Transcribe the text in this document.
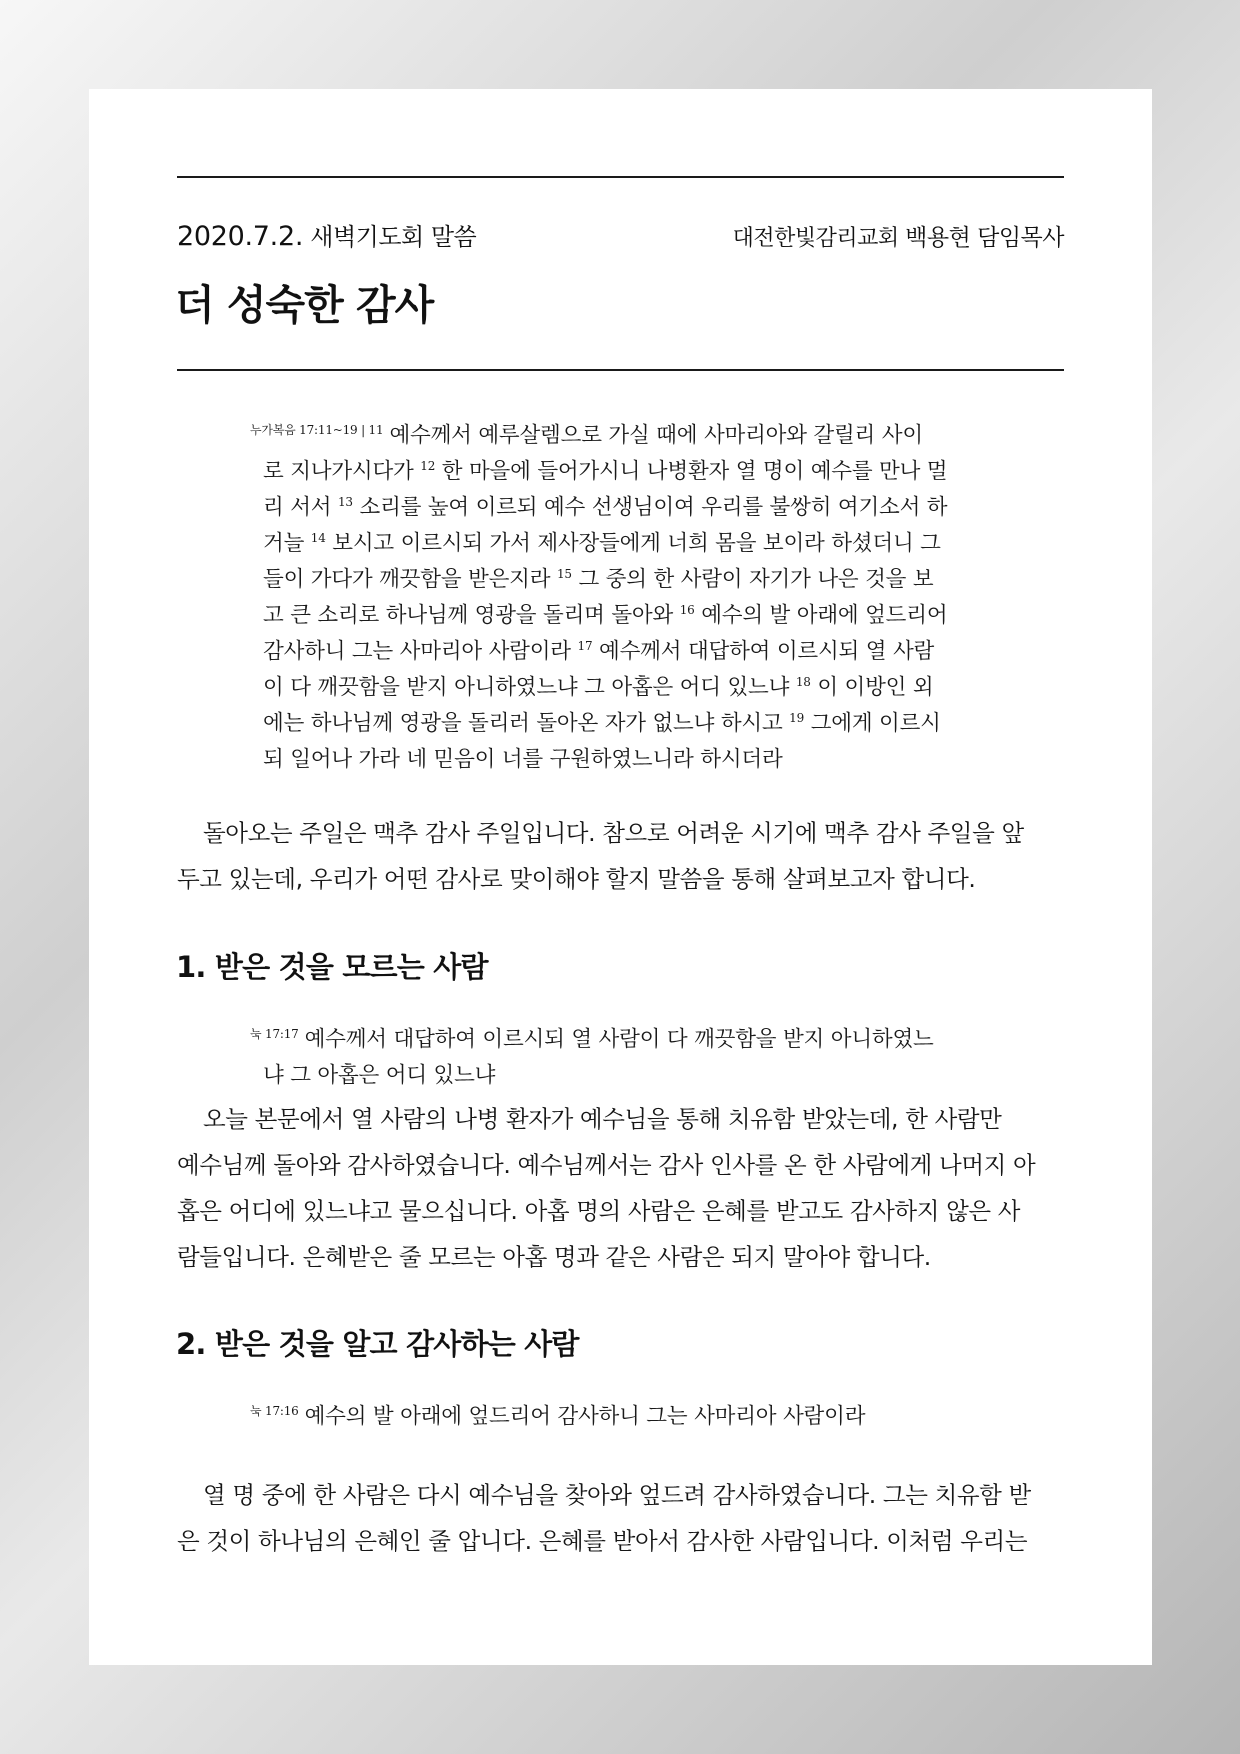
2020.7.2. 새벽기도회 말씀	대전한빛감리교회 백용현 담임목사
더 성숙한 감사
$^{누가복음 17:11\sim 19 | 11}$ 예수께서 예루살렘으로 가실 때에 사마리아와 갈릴리 사이
로 지나가시다가 $^{12}$ 한 마을에 들어가시니 나병환자 열 명이 예수를 만나 멀
리 서서 $^{13}$ 소리를 높여 이르되 예수 선생님이여 우리를 불쌍히 여기소서 하
거늘 $^{14}$ 보시고 이르시되 가서 제사장들에게 너희 몸을 보이라 하셨더니 그
들이 가다가 깨끗함을 받은지라 $^{15}$ 그 중의 한 사람이 자기가 나은 것을 보
고 큰 소리로 하나님께 영광을 돌리며 돌아와 $^{16}$ 예수의 발 아래에 엎드리어
감사하니 그는 사마리아 사람이라 $^{17}$ 예수께서 대답하여 이르시되 열 사람
이 다 깨끗함을 받지 아니하였느냐 그 아홉은 어디 있느냐 $^{18}$ 이 이방인 외
에는 하나님께 영광을 돌리러 돌아온 자가 없느냐 하시고 $^{19}$ 그에게 이르시
되 일어나 가라 네 믿음이 너를 구원하였느니라 하시더라
돌아오는 주일은 맥추 감사 주일입니다. 참으로 어려운 시기에 맥추 감사 주일을 앞
두고 있는데, 우리가 어떤 감사로 맞이해야 할지 말씀을 통해 살펴보고자 합니다.
1. 받은 것을 모르는 사람
$^{눅 17:17}$ 예수께서 대답하여 이르시되 열 사람이 다 깨끗함을 받지 아니하였느
냐 그 아홉은 어디 있느냐
오늘 본문에서 열 사람의 나병 환자가 예수님을 통해 치유함 받았는데, 한 사람만
예수님께 돌아와 감사하였습니다. 예수님께서는 감사 인사를 온 한 사람에게 나머지 아
홉은 어디에 있느냐고 물으십니다. 아홉 명의 사람은 은혜를 받고도 감사하지 않은 사
람들입니다. 은혜받은 줄 모르는 아홉 명과 같은 사람은 되지 말아야 합니다.
2. 받은 것을 알고 감사하는 사람
$^{눅 17:16}$ 예수의 발 아래에 엎드리어 감사하니 그는 사마리아 사람이라
열 명 중에 한 사람은 다시 예수님을 찾아와 엎드려 감사하였습니다. 그는 치유함 받
은 것이 하나님의 은혜인 줄 압니다. 은혜를 받아서 감사한 사람입니다. 이처럼 우리는
